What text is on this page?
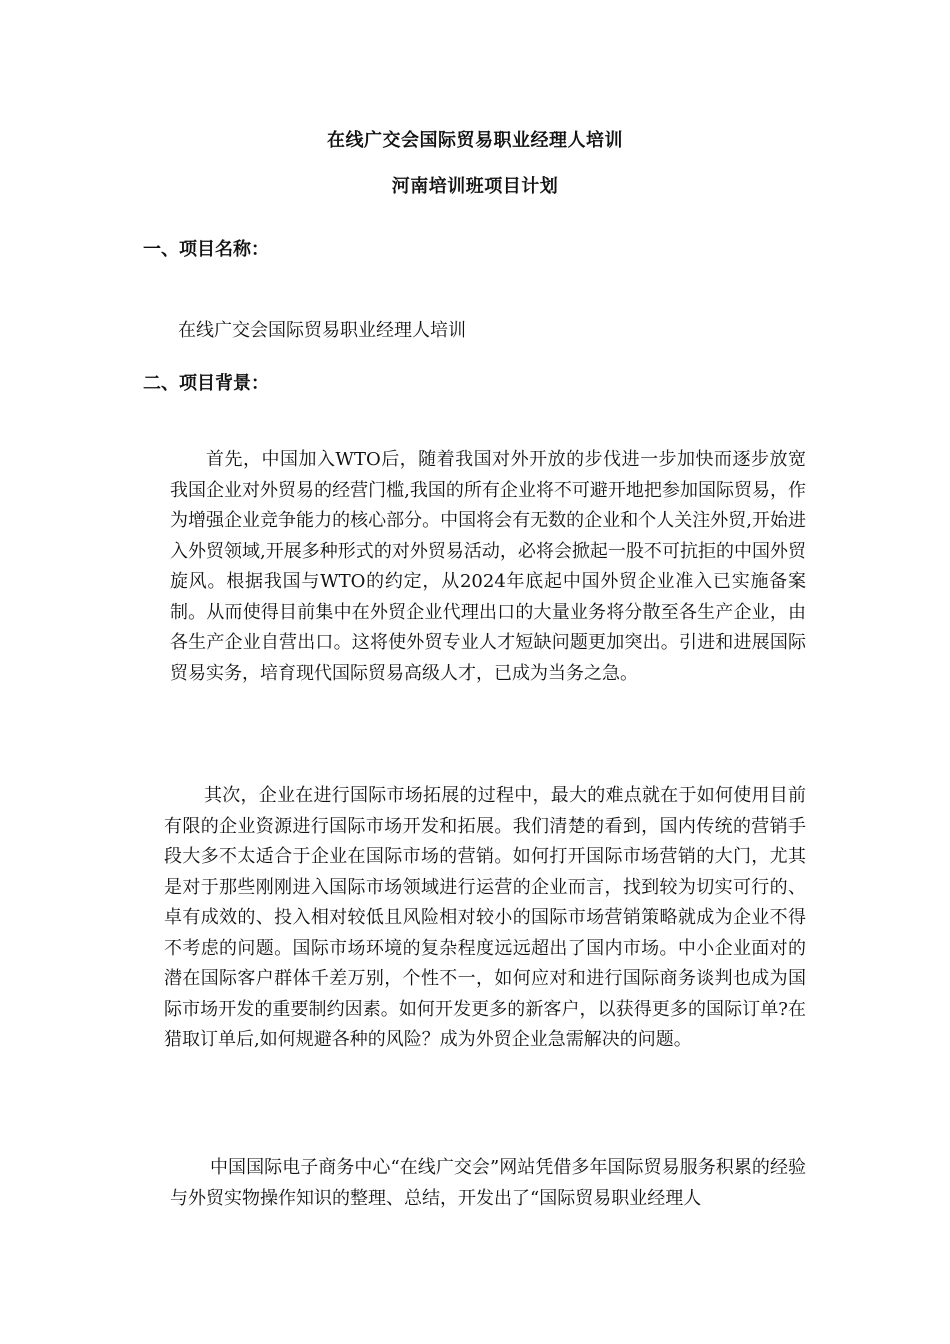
在线广交会国际贸易职业经理人培训
河南培训班项目计划
一、项目名称：
在线广交会国际贸易职业经理人培训
二、项目背景：
首先，中国加入WTO后，随着我国对外开放的步伐进一步加快而逐步放宽我国企业对外贸易的经营门槛,我国的所有企业将不可避开地把参加国际贸易，作为增强企业竞争能力的核心部分。中国将会有无数的企业和个人关注外贸,开始进入外贸领域,开展多种形式的对外贸易活动，必将会掀起一股不可抗拒的中国外贸旋风。根据我国与WTO的约定，从2024年底起中国外贸企业准入已实施备案制。从而使得目前集中在外贸企业代理出口的大量业务将分散至各生产企业，由各生产企业自营出口。这将使外贸专业人才短缺问题更加突出。引进和进展国际贸易实务，培育现代国际贸易高级人才，已成为当务之急。
其次，企业在进行国际市场拓展的过程中，最大的难点就在于如何使用目前有限的企业资源进行国际市场开发和拓展。我们清楚的看到，国内传统的营销手段大多不太适合于企业在国际市场的营销。如何打开国际市场营销的大门，尤其是对于那些刚刚进入国际市场领域进行运营的企业而言，找到较为切实可行的、卓有成效的、投入相对较低且风险相对较小的国际市场营销策略就成为企业不得不考虑的问题。国际市场环境的复杂程度远远超出了国内市场。中小企业面对的潜在国际客户群体千差万别，个性不一，如何应对和进行国际商务谈判也成为国际市场开发的重要制约因素。如何开发更多的新客户，以获得更多的国际订单?在猎取订单后,如何规避各种的风险？成为外贸企业急需解决的问题。
中国国际电子商务中心“在线广交会”网站凭借多年国际贸易服务积累的经验与外贸实物操作知识的整理、总结，开发出了“国际贸易职业经理人
